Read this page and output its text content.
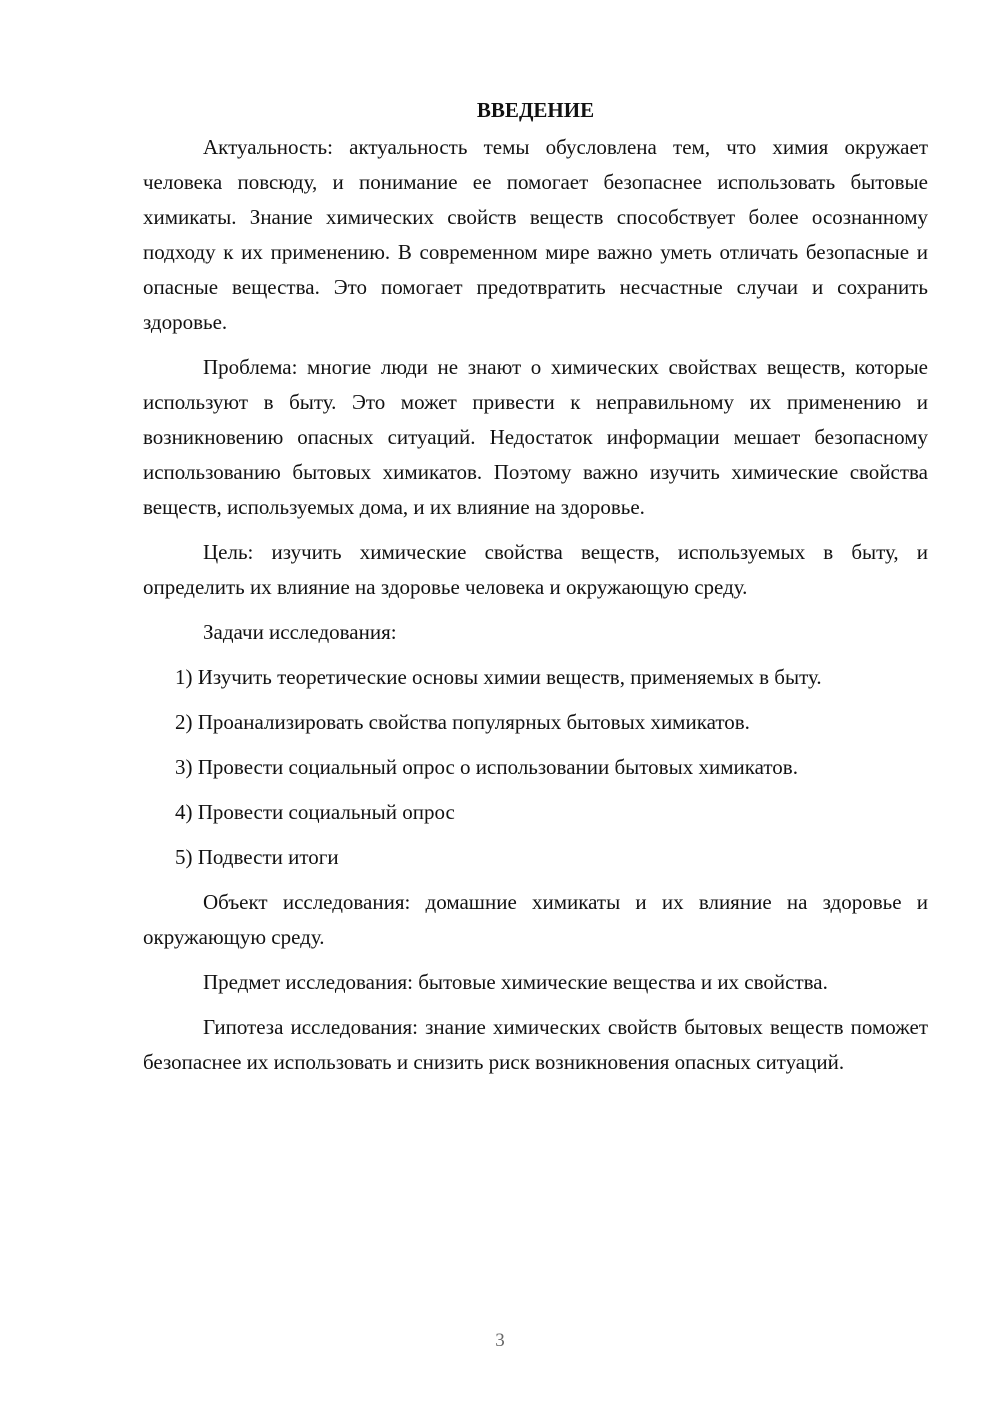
ВВЕДЕНИЕ

Актуальность: актуальность темы обусловлена тем, что химия окружает человека повсюду, и понимание ее помогает безопаснее использовать бытовые химикаты. Знание химических свойств веществ способствует более осознанному подходу к их применению. В современном мире важно уметь отличать безопасные и опасные вещества. Это помогает предотвратить несчастные случаи и сохранить здоровье.

Проблема: многие люди не знают о химических свойствах веществ, которые используют в быту. Это может привести к неправильному их применению и возникновению опасных ситуаций. Недостаток информации мешает безопасному использованию бытовых химикатов. Поэтому важно изучить химические свойства веществ, используемых дома, и их влияние на здоровье.

Цель: изучить химические свойства веществ, используемых в быту, и определить их влияние на здоровье человека и окружающую среду.

Задачи исследования:

1) Изучить теоретические основы химии веществ, применяемых в быту.

2) Проанализировать свойства популярных бытовых химикатов.

3) Провести социальный опрос о использовании бытовых химикатов.

4) Провести социальный опрос

5) Подвести итоги

Объект исследования: домашние химикаты и их влияние на здоровье и окружающую среду.

Предмет исследования: бытовые химические вещества и их свойства.

Гипотеза исследования: знание химических свойств бытовых веществ поможет безопаснее их использовать и снизить риск возникновения опасных ситуаций.

3
